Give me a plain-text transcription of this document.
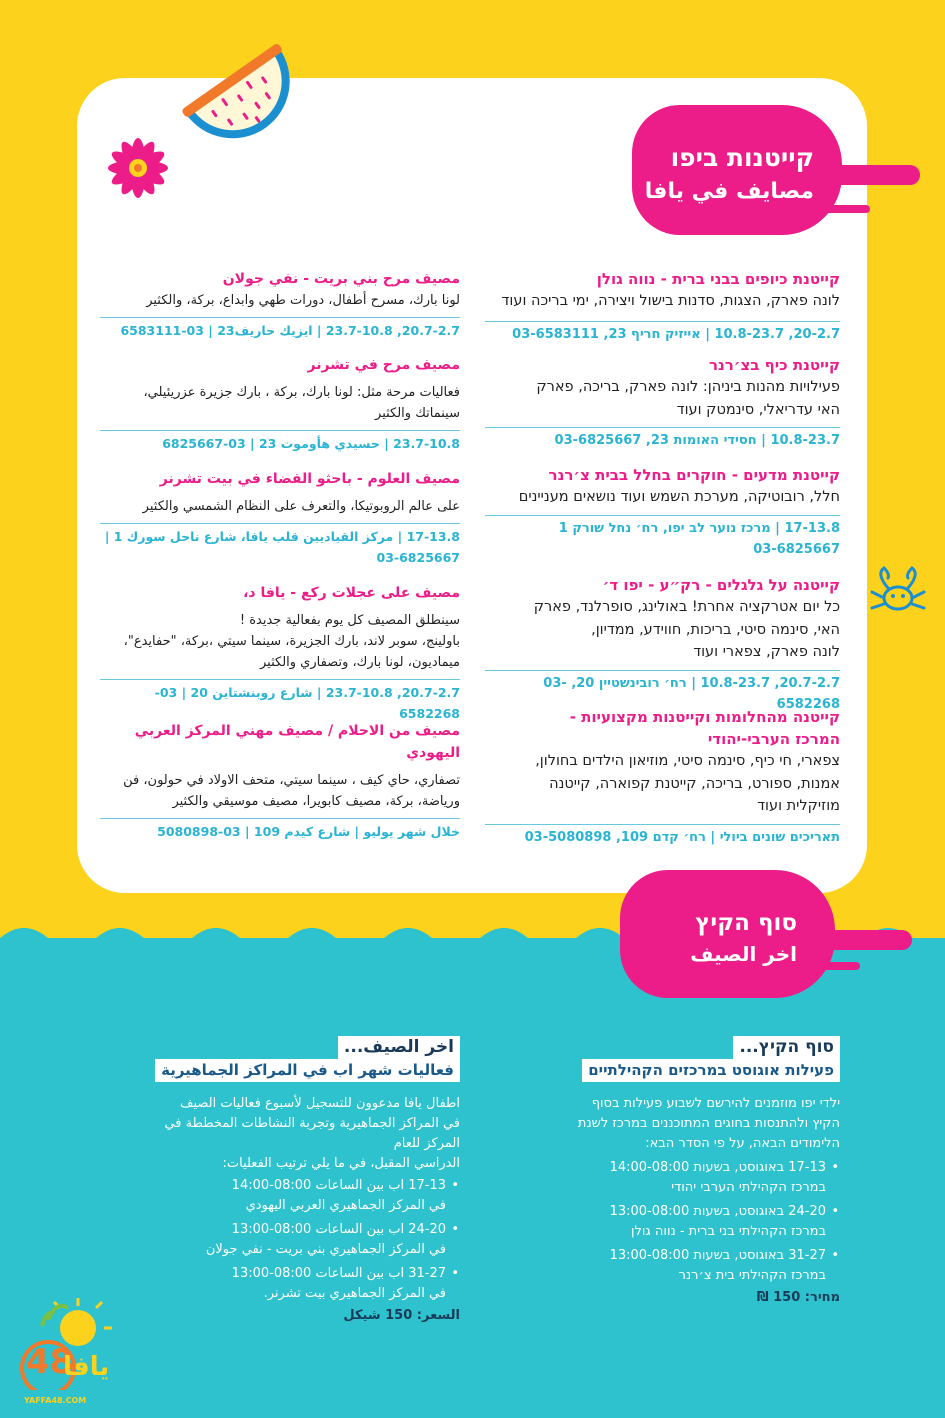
קייטנות ביפו
مصايف في يافا
קייטנת כיופים בבני ברית - נווה גולן
לונה פארק, הצגות, סדנות בישול ויצירה, ימי בריכה ועוד
20-2.7, 10.8-23.7 | אייזיק חריף 23, 03-6583111
קייטנת כיף בצ׳רנר
פעילויות מהנות ביניהן: לונה פארק, בריכה, פארק
האי עדריאלי, סינמטק ועוד
10.8-23.7 | חסידי האומות 23, 03-6825667
קייטנת מדעים - חוקרים בחלל בבית צ׳רנר
חלל, רובוטיקה, מערכת השמש ועוד נושאים מעניינים
17-13.8 | מרכז נוער לב יפו, רח׳ נחל שורק 1
03-6825667
קייטנה על גלגלים - רק״ע - יפו ד׳
כל יום אטרקציה אחרת! באולינג, סופרלנד, פארק
האי, סינמה סיטי, בריכות, חווידע, ממדיון,
לונה פארק, צפארי ועוד
20.7-2.7, 10.8-23.7 | רח׳ רובינשטיין 20, 03-6582268
קייטנה מהחלומות וקייטנות מקצועיות -
המרכז הערבי-יהודי
צפארי, חי כיף, סינמה סיטי, מוזיאון הילדים בחולון,
אמנות, ספורט, בריכה, קייטנת קפוארה, קייטנה
מוזיקלית ועוד
תאריכים שונים ביולי | רח׳ קדם 109, 03-5080898
مصيف مرح بني بريت - نفي جولان
لونا بارك، مسرح أطفال، دورات طهي وابداع، بركة، والكثير
20.7-2.7, 23.7-10.8 | ايزيك حاريف23 | 03-6583111
مصيف مرح في تشرنر
فعاليات مرحة مثل: لونا بارك، بركة ، بارك جزيرة عزريئيلي،
سينماتك والكثير
23.7-10.8 | حسيدي هأوموت 23 | 03-6825667
مصيف العلوم - باحثو الفضاء في بيت تشرنر
على عالم الروبوتيكا، والتعرف على النظام الشمسي والكثير
17-13.8 | مركز القياديين قلب يافا، شارع ناحل سورك 1 |
03-6825667
مصيف على عجلات ركع - يافا د،
سينطلق المصيف كل يوم بفعالية جديدة !
باولينج، سوبر لاند، بارك الجزيرة، سينما سيتي ،بركة، "حفايدع"،
ميماديون، لونا بارك، وتصفاري والكثير
20.7-2.7, 23.7-10.8 | شارع روبنشتاين 20 | 03-6582268
مصيف من الاحلام / مصيف مهني المركز العربي اليهودي
تصفاري، حاي كيف ، سينما سيتي، متحف الاولاد في حولون، فن
ورياضة، بركة، مصيف كابويرا، مصيف موسيقي والكثير
خلال شهر يوليو | شارع كيدم 109 | 03-5080898
סוף הקיץ
اخر الصيف
סוף הקיץ...
פעילות אוגוסט במרכזים הקהילתיים
ילדי יפו מוזמנים להירשם לשבוע פעילות בסוף
הקיץ ולהתנסות בחוגים המתוכננים במרכז לשנת
הלימודים הבאה, על פי הסדר הבא:
• 17-13 באוגוסט, בשעות 14:00-08:00
במרכז הקהילתי הערבי יהודי
• 24-20 באוגוסט, בשעות 13:00-08:00
במרכז הקהילתי בני ברית - נווה גולן
• 31-27 באוגוסט, בשעות 13:00-08:00
במרכז הקהילתי בית צ׳רנר
מחיר: 150 ₪
اخر الصيف...
فعاليات شهر اب في المراكز الجماهيرية
اطفال يافا مدعوون للتسجيل لأسبوع فعاليات الصيف
في المراكز الجماهيرية وتجربة النشاطات المخططة في المركز للعام
الدراسي المقبل، في ما يلي ترتيب الفعليات:
• 17-13 اب بين الساعات 08:00-14:00
في المركز الجماهيري العربي اليهودي
• 24-20 اب بين الساعات 08:00-13:00
في المركز الجماهيري بني بريت - نفي جولان
• 31-27 اب بين الساعات 08:00-13:00
في المركز الجماهيري بيت تشرنر.
السعر: 150 شيكل
48
يافا
YAFFA48.COM
